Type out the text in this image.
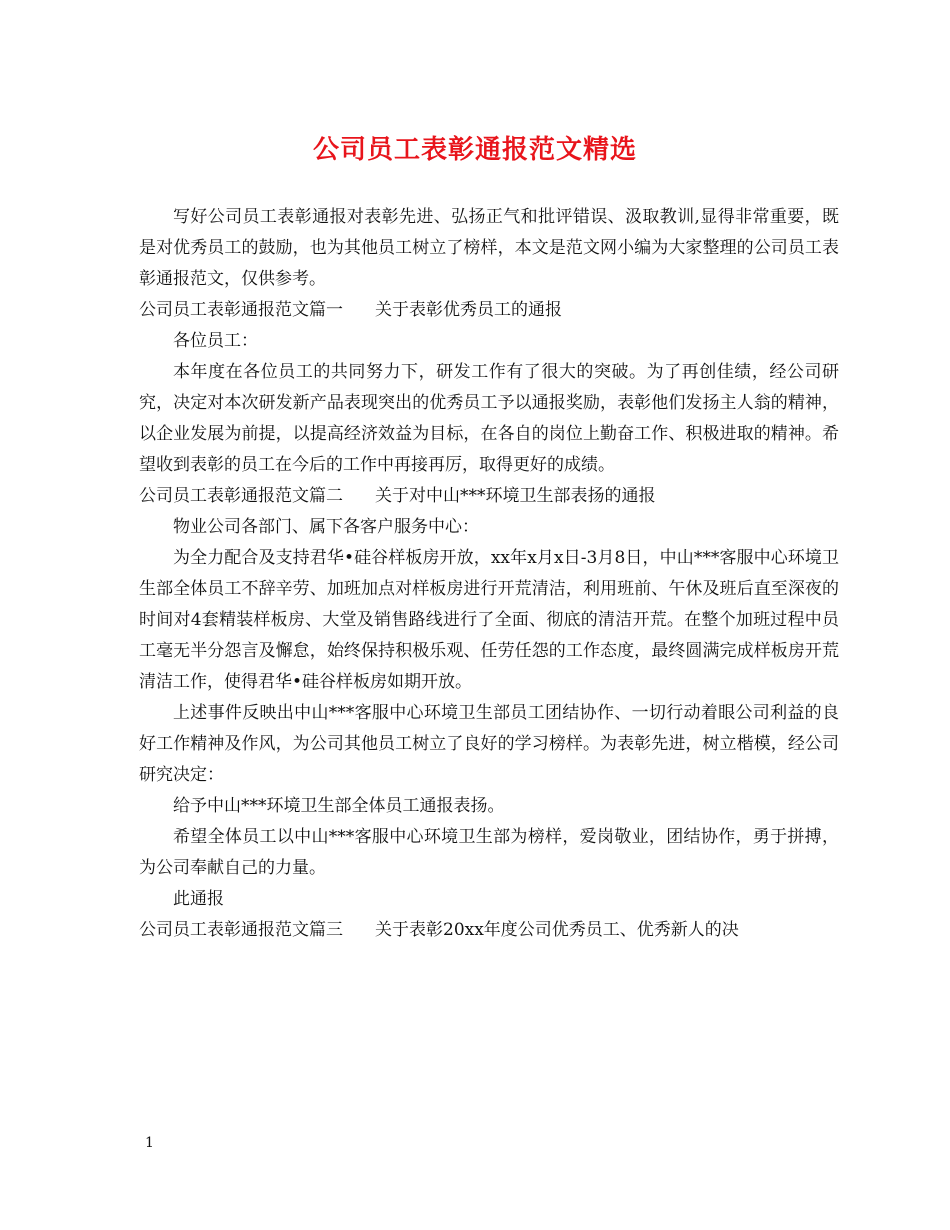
公司员工表彰通报范文精选

写好公司员工表彰通报对表彰先进、弘扬正气和批评错误、汲取教训,显得非常重要，既是对优秀员工的鼓励，也为其他员工树立了榜样，本文是范文网小编为大家整理的公司员工表彰通报范文，仅供参考。

公司员工表彰通报范文篇一 关于表彰优秀员工的通报

各位员工：

本年度在各位员工的共同努力下，研发工作有了很大的突破。为了再创佳绩，经公司研究，决定对本次研发新产品表现突出的优秀员工予以通报奖励，表彰他们发扬主人翁的精神，以企业发展为前提，以提高经济效益为目标，在各自的岗位上勤奋工作、积极进取的精神。希望收到表彰的员工在今后的工作中再接再厉，取得更好的成绩。

公司员工表彰通报范文篇二 关于对中山***环境卫生部表扬的通报

物业公司各部门、属下各客户服务中心：

为全力配合及支持君华•硅谷样板房开放，xx年x月x日-3月8日，中山***客服中心环境卫生部全体员工不辞辛劳、加班加点对样板房进行开荒清洁，利用班前、午休及班后直至深夜的时间对4套精装样板房、大堂及销售路线进行了全面、彻底的清洁开荒。在整个加班过程中员工毫无半分怨言及懈怠，始终保持积极乐观、任劳任怨的工作态度，最终圆满完成样板房开荒清洁工作，使得君华•硅谷样板房如期开放。

上述事件反映出中山***客服中心环境卫生部员工团结协作、一切行动着眼公司利益的良好工作精神及作风，为公司其他员工树立了良好的学习榜样。为表彰先进，树立楷模，经公司研究决定：

给予中山***环境卫生部全体员工通报表扬。

希望全体员工以中山***客服中心环境卫生部为榜样，爱岗敬业，团结协作，勇于拼搏，为公司奉献自己的力量。

此通报

公司员工表彰通报范文篇三 关于表彰20xx年度公司优秀员工、优秀新人的决

1
